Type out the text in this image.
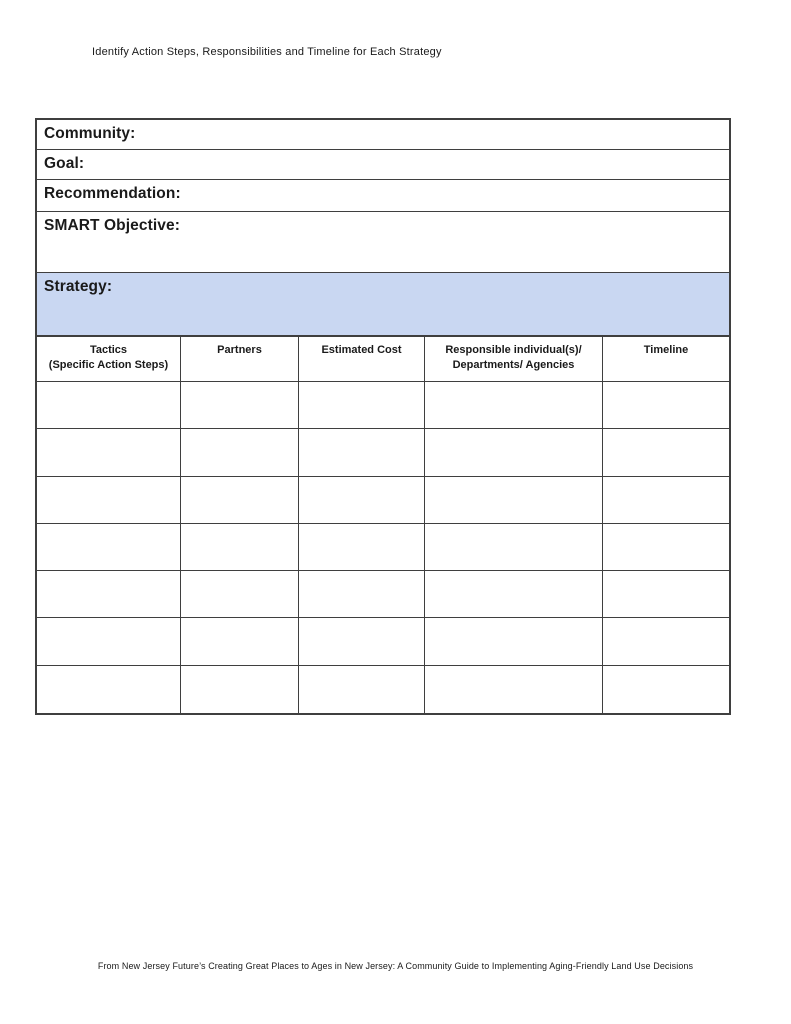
Identify Action Steps, Responsibilities and Timeline for Each Strategy
Community:
Goal:
Recommendation:
SMART Objective:
Strategy:
Tactics
(Specific Action Steps)
Partners	Estimated Cost	Responsible individual(s)/
Departments/ Agencies
Timeline
From New Jersey Future’s Creating Great Places to Ages in New Jersey: A Community Guide to Implementing Aging-Friendly Land Use Decisions
